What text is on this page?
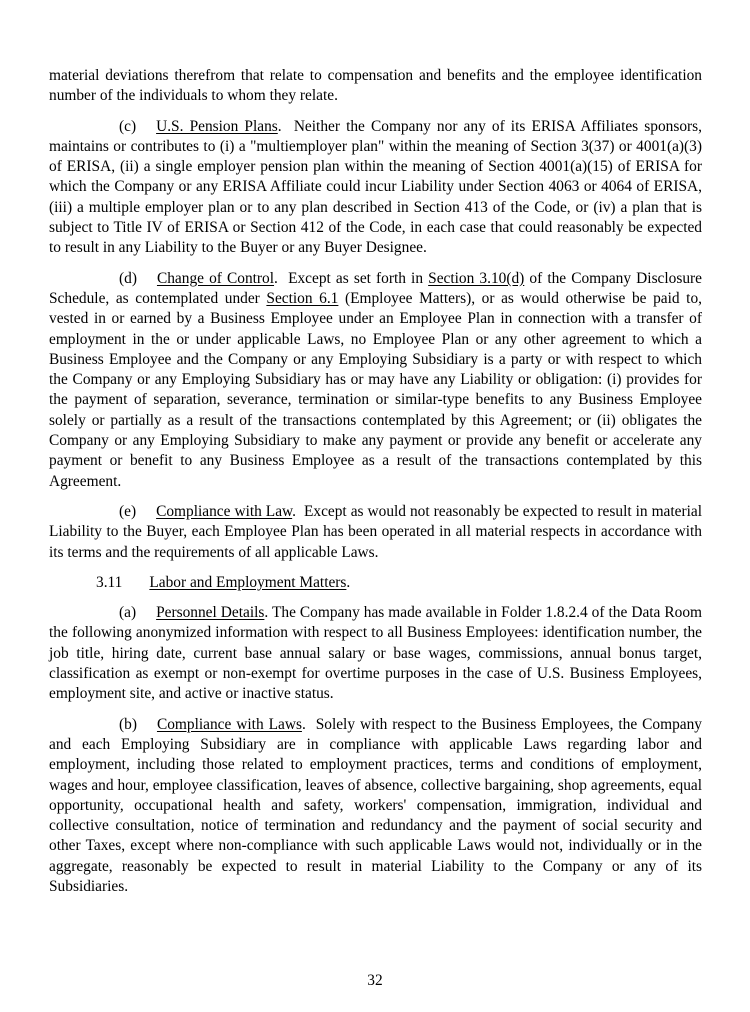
material deviations therefrom that relate to compensation and benefits and the employee identification number of the individuals to whom they relate.

(c) U.S. Pension Plans.  Neither the Company nor any of its ERISA Affiliates sponsors, maintains or contributes to (i) a "multiemployer plan" within the meaning of Section 3(37) or 4001(a)(3) of ERISA, (ii) a single employer pension plan within the meaning of Section 4001(a)(15) of ERISA for which the Company or any ERISA Affiliate could incur Liability under Section 4063 or 4064 of ERISA, (iii) a multiple employer plan or to any plan described in Section 413 of the Code, or (iv) a plan that is subject to Title IV of ERISA or Section 412 of the Code, in each case that could reasonably be expected to result in any Liability to the Buyer or any Buyer Designee.

(d) Change of Control.  Except as set forth in Section 3.10(d) of the Company Disclosure Schedule, as contemplated under Section 6.1 (Employee Matters), or as would otherwise be paid to, vested in or earned by a Business Employee under an Employee Plan in connection with a transfer of employment in the or under applicable Laws, no Employee Plan or any other agreement to which a Business Employee and the Company or any Employing Subsidiary is a party or with respect to which the Company or any Employing Subsidiary has or may have any Liability or obligation: (i) provides for the payment of separation, severance, termination or similar-type benefits to any Business Employee solely or partially as a result of the transactions contemplated by this Agreement; or (ii) obligates the Company or any Employing Subsidiary to make any payment or provide any benefit or accelerate any payment or benefit to any Business Employee as a result of the transactions contemplated by this Agreement.

(e) Compliance with Law.  Except as would not reasonably be expected to result in material Liability to the Buyer, each Employee Plan has been operated in all material respects in accordance with its terms and the requirements of all applicable Laws.

3.11 Labor and Employment Matters.

(a) Personnel Details. The Company has made available in Folder 1.8.2.4 of the Data Room the following anonymized information with respect to all Business Employees: identification number, the job title, hiring date, current base annual salary or base wages, commissions, annual bonus target, classification as exempt or non-exempt for overtime purposes in the case of U.S. Business Employees, employment site, and active or inactive status.

(b) Compliance with Laws.  Solely with respect to the Business Employees, the Company and each Employing Subsidiary are in compliance with applicable Laws regarding labor and employment, including those related to employment practices, terms and conditions of employment, wages and hour, employee classification, leaves of absence, collective bargaining, shop agreements, equal opportunity, occupational health and safety, workers' compensation, immigration, individual and collective consultation, notice of termination and redundancy and the payment of social security and other Taxes, except where non-compliance with such applicable Laws would not, individually or in the aggregate, reasonably be expected to result in material Liability to the Company or any of its Subsidiaries.

32
